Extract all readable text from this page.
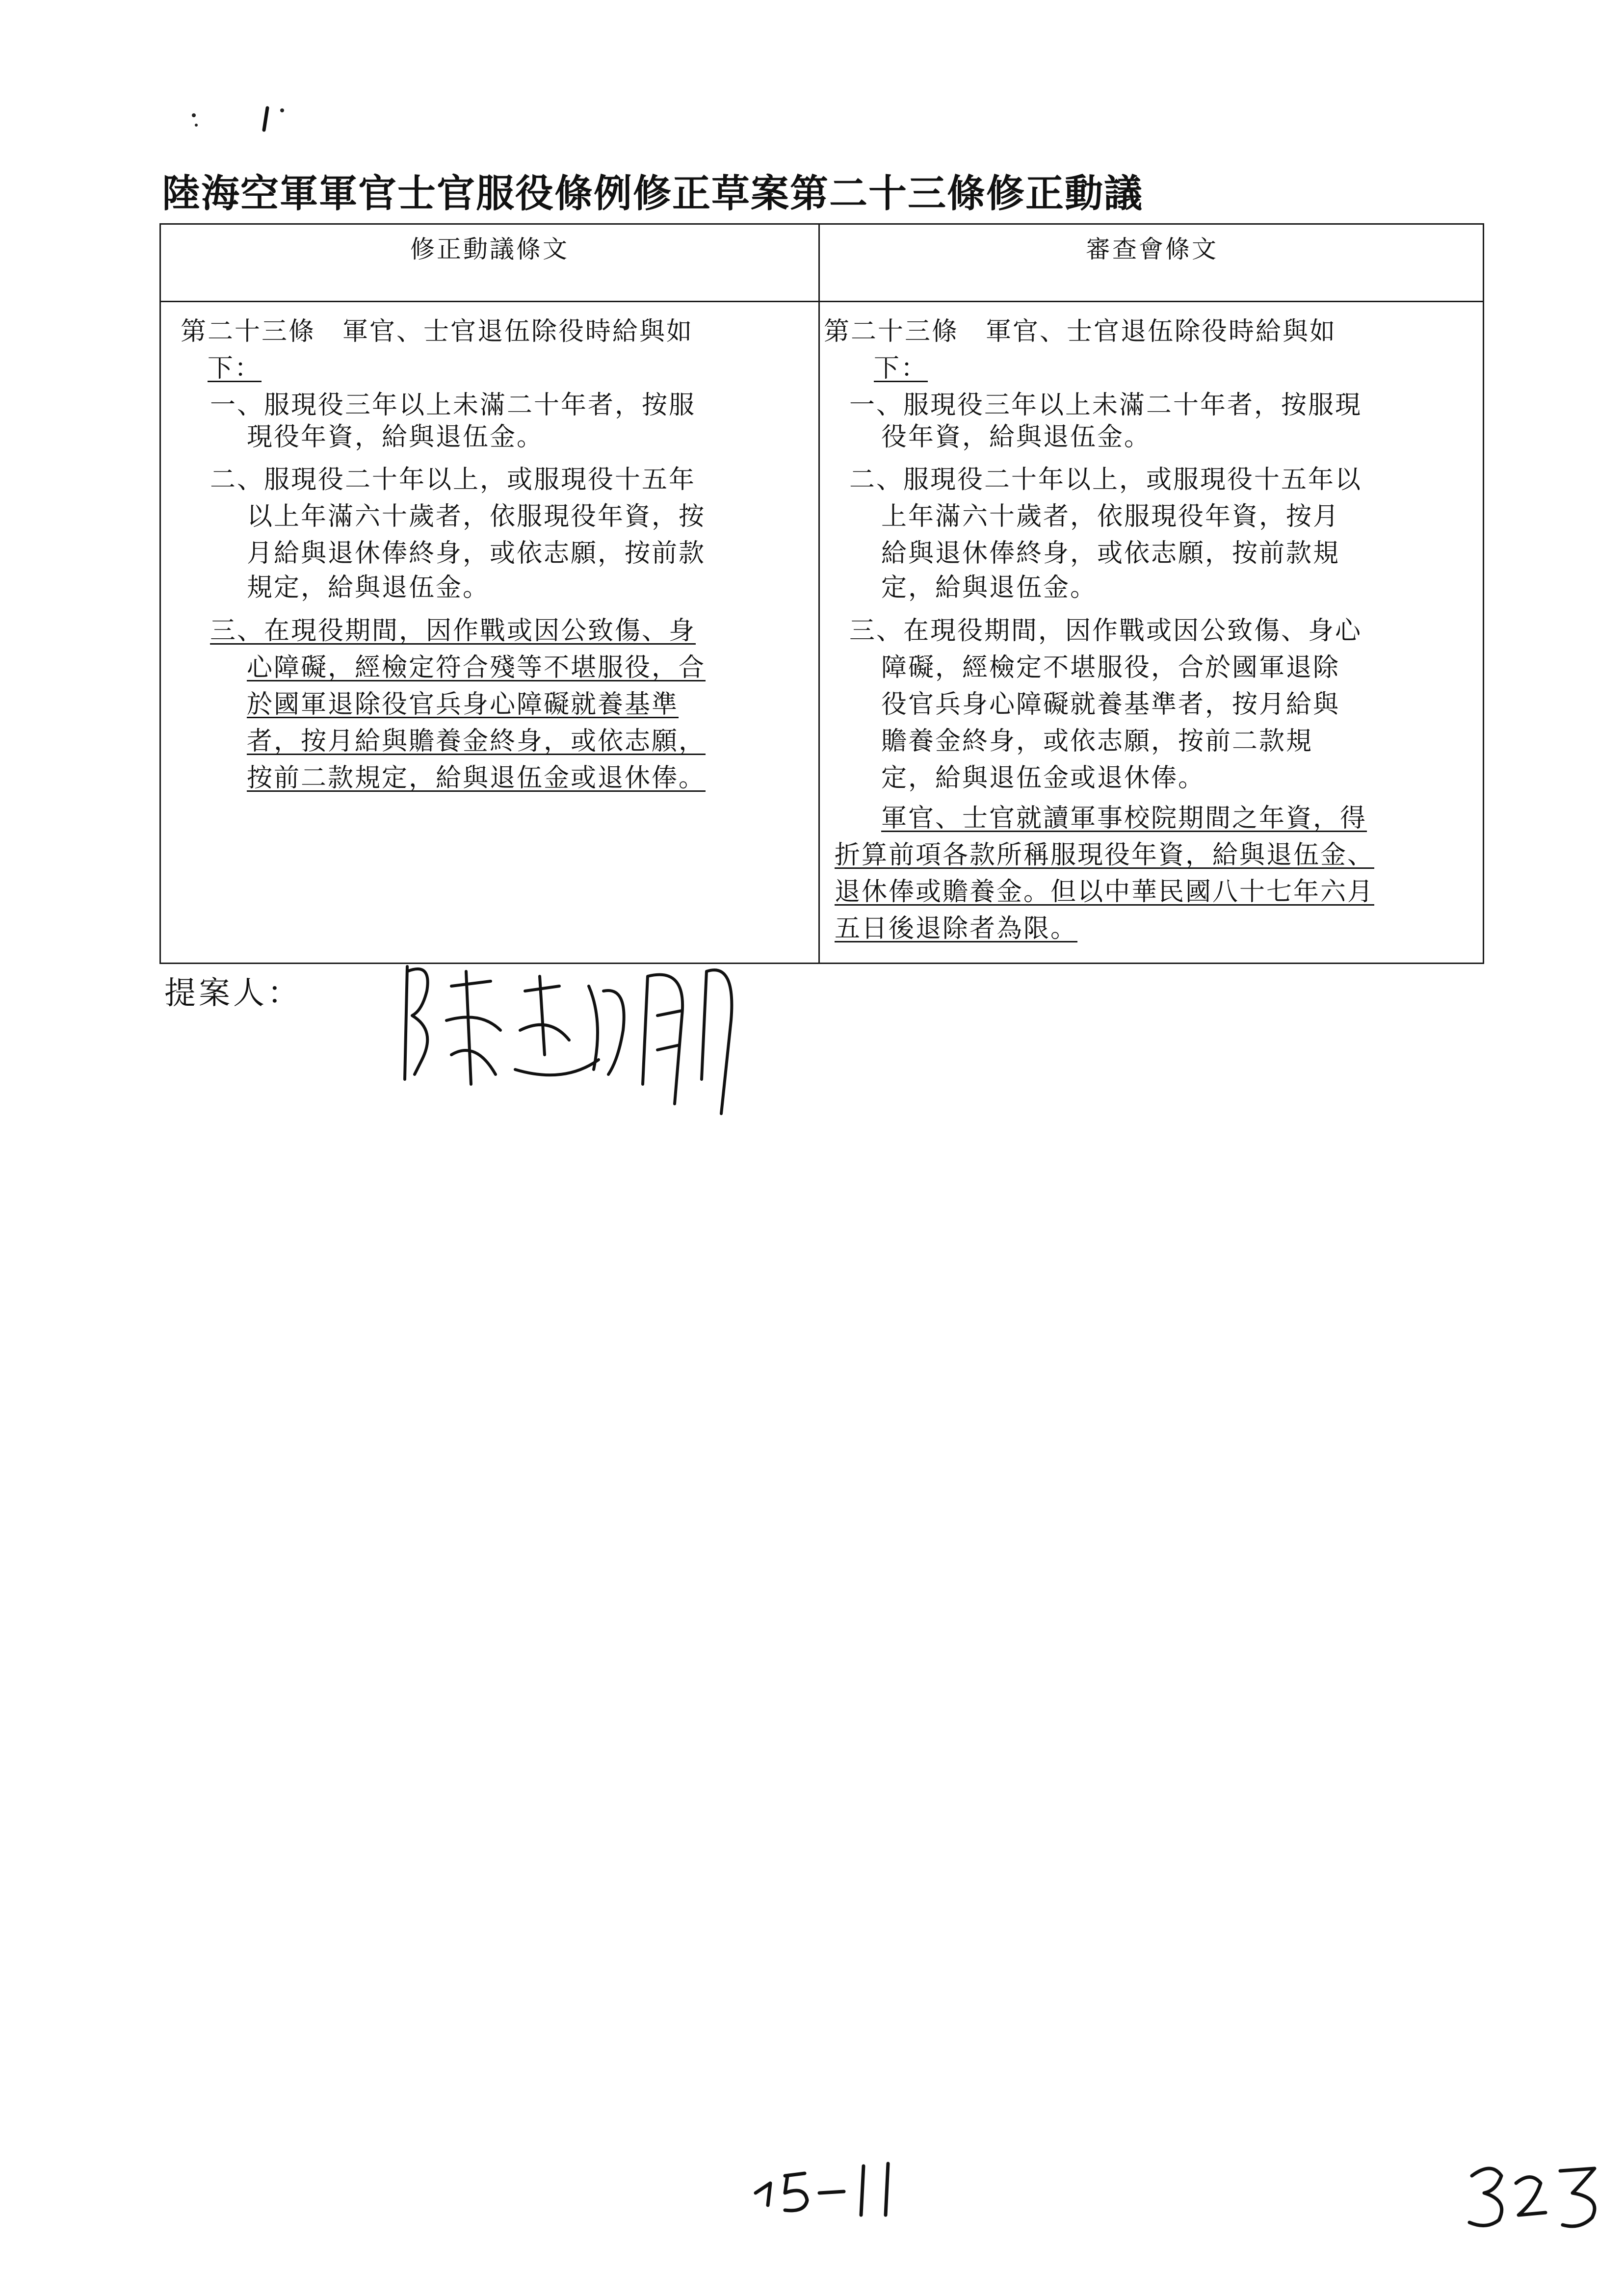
陸海空軍軍官士官服役條例修正草案第二十三條修正動議
修正動議條文	審查會條文
第二十三條　軍官、士官退伍除役時給與如
下：
一、服現役三年以上未滿二十年者，按服
現役年資，給與退伍金。
二、服現役二十年以上，或服現役十五年
以上年滿六十歲者，依服現役年資，按
月給與退休俸終身，或依志願，按前款
規定，給與退伍金。
三、在現役期間，因作戰或因公致傷、身
心障礙，經檢定符合殘等不堪服役，合
於國軍退除役官兵身心障礙就養基準
者，按月給與贍養金終身，或依志願，
按前二款規定，給與退伍金或退休俸。
第二十三條　軍官、士官退伍除役時給與如
下：
一、服現役三年以上未滿二十年者，按服現
役年資，給與退伍金。
二、服現役二十年以上，或服現役十五年以
上年滿六十歲者，依服現役年資，按月
給與退休俸終身，或依志願，按前款規
定，給與退伍金。
三、在現役期間，因作戰或因公致傷、身心
障礙，經檢定不堪服役，合於國軍退除
役官兵身心障礙就養基準者，按月給與
贍養金終身，或依志願，按前二款規
定，給與退伍金或退休俸。
軍官、士官就讀軍事校院期間之年資，得
折算前項各款所稱服現役年資，給與退伍金、
退休俸或贍養金。但以中華民國八十七年六月
五日後退除者為限。
提案人：
